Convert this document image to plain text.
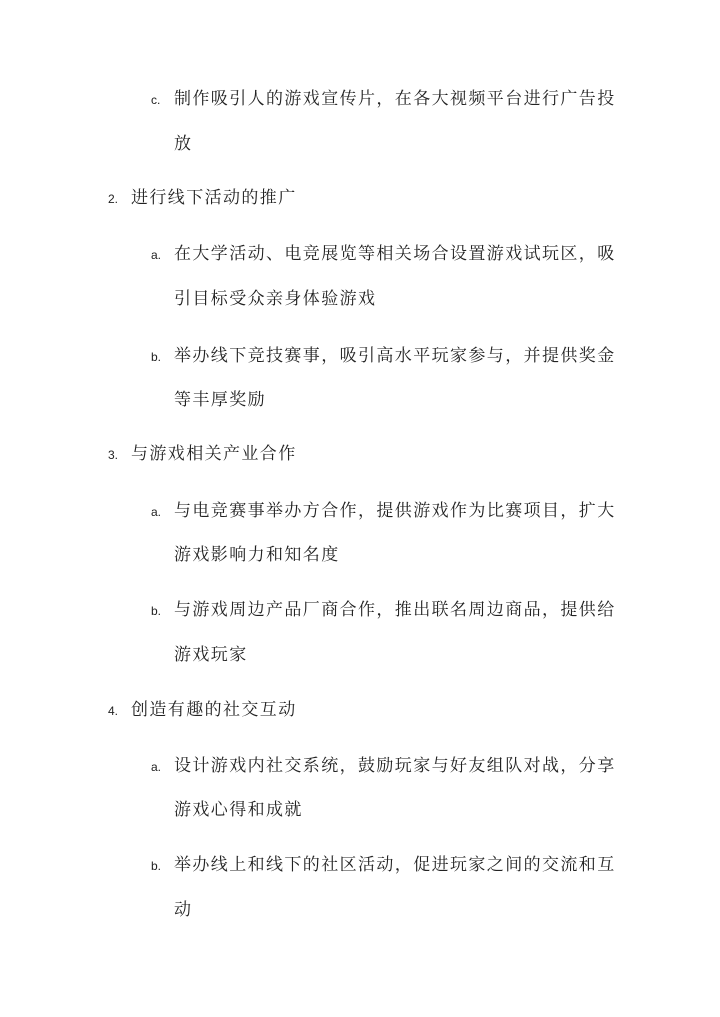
c. 制作吸引人的游戏宣传片，在各大视频平台进行广告投
放
2. 进行线下活动的推广
a. 在大学活动、电竞展览等相关场合设置游戏试玩区，吸
引目标受众亲身体验游戏
b. 举办线下竞技赛事，吸引高水平玩家参与，并提供奖金
等丰厚奖励
3. 与游戏相关产业合作
a. 与电竞赛事举办方合作，提供游戏作为比赛项目，扩大
游戏影响力和知名度
b. 与游戏周边产品厂商合作，推出联名周边商品，提供给
游戏玩家
4. 创造有趣的社交互动
a. 设计游戏内社交系统，鼓励玩家与好友组队对战，分享
游戏心得和成就
b. 举办线上和线下的社区活动，促进玩家之间的交流和互
动
